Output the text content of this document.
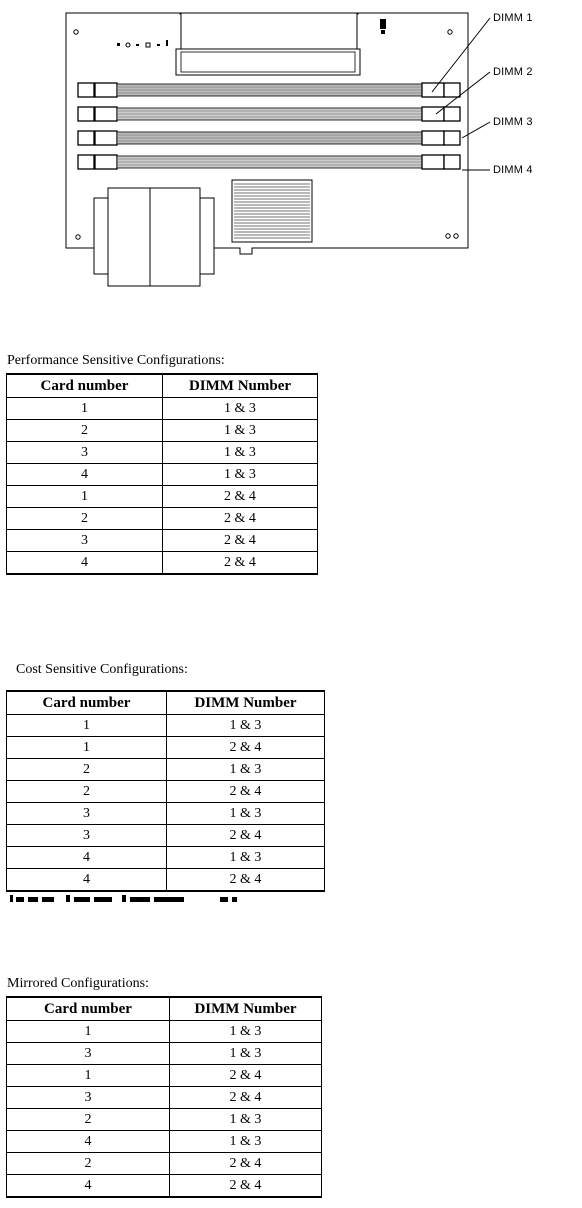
DIMM 1
DIMM 2
DIMM 3
DIMM 4
Performance Sensitive Configurations:
Card number	DIMM Number
1	1 & 3
2	1 & 3
3	1 & 3
4	1 & 3
1	2 & 4
2	2 & 4
3	2 & 4
4	2 & 4
Cost Sensitive Configurations:
Card number	DIMM Number
1	1 & 3
1	2 & 4
2	1 & 3
2	2 & 4
3	1 & 3
3	2 & 4
4	1 & 3
4	2 & 4
Mirrored Configurations:
Card number	DIMM Number
1	1 & 3
3	1 & 3
1	2 & 4
3	2 & 4
2	1 & 3
4	1 & 3
2	2 & 4
4	2 & 4
